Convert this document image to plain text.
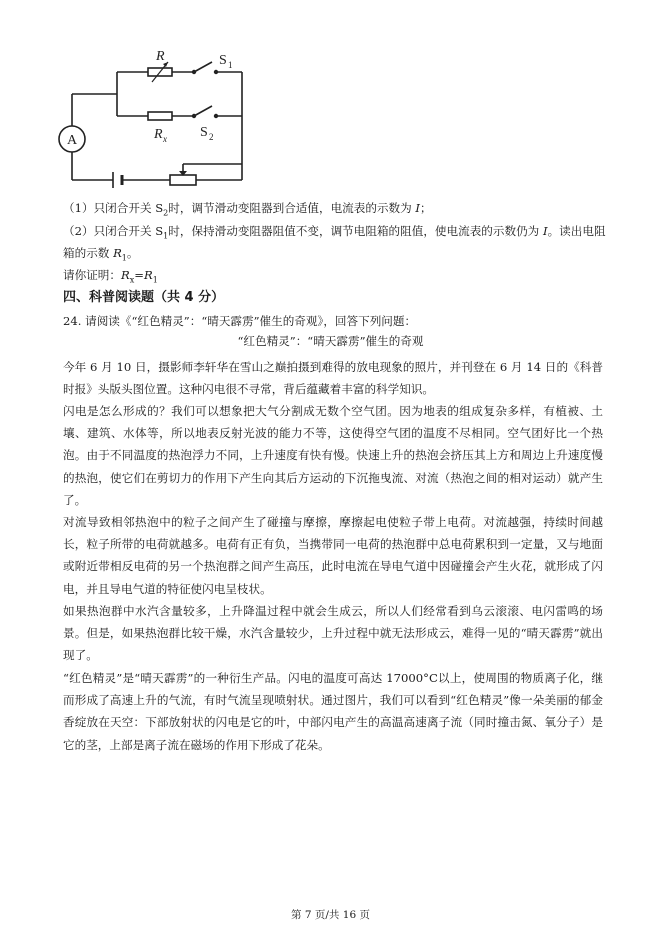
R	S 1
R x S 2
A
（1）只闭合开关 $S_2$时，调节滑动变阻器到合适值，电流表的示数为 I；
（2）只闭合开关 $S_1$时，保持滑动变阻器阻值不变，调节电阻箱的阻值，使电流表的示数仍为 I。读出电阻
箱的示数 $R_1$。
请你证明：$R_x=R_1$
四、科普阅读题（共 4 分）
24. 请阅读《“红色精灵”：“晴天霹雳”催生的奇观》，回答下列问题：
“红色精灵”：“晴天霹雳”催生的奇观
今年 6 月 10 日，摄影师李轩华在雪山之巅拍摄到难得的放电现象的照片，并刊登在 6 月 14 日的《科普时报》头版头图位置。这种闪电很不寻常，背后蕴藏着丰富的科学知识。
闪电是怎么形成的？我们可以想象把大气分割成无数个空气团。因为地表的组成复杂多样，有植被、土壤、建筑、水体等，所以地表反射光波的能力不等，这使得空气团的温度不尽相同。空气团好比一个热泡。由于不同温度的热泡浮力不同，上升速度有快有慢。快速上升的热泡会挤压其上方和周边上升速度慢的热泡，使它们在剪切力的作用下产生向其后方运动的下沉拖曳流、对流（热泡之间的相对运动）就产生了。
对流导致相邻热泡中的粒子之间产生了碰撞与摩擦，摩擦起电使粒子带上电荷。对流越强，持续时间越长，粒子所带的电荷就越多。电荷有正有负，当携带同一电荷的热泡群中总电荷累积到一定量，又与地面或附近带相反电荷的另一个热泡群之间产生高压，此时电流在导电气道中因碰撞会产生火花，就形成了闪电，并且导电气道的特征使闪电呈枝状。
如果热泡群中水汽含量较多，上升降温过程中就会生成云，所以人们经常看到乌云滚滚、电闪雷鸣的场景。但是，如果热泡群比较干燥，水汽含量较少，上升过程中就无法形成云，难得一见的“晴天霹雳”就出现了。
“红色精灵”是“晴天霹雳”的一种衍生产品。闪电的温度可高达 17000°C以上，使周围的物质离子化，继而形成了高速上升的气流，有时气流呈现喷射状。通过图片，我们可以看到“红色精灵”像一朵美丽的郁金香绽放在天空：下部放射状的闪电是它的叶，中部闪电产生的高温高速离子流（同时撞击氮、氧分子）是它的茎，上部是离子流在磁场的作用下形成了花朵。
第 7 页/共 16 页
